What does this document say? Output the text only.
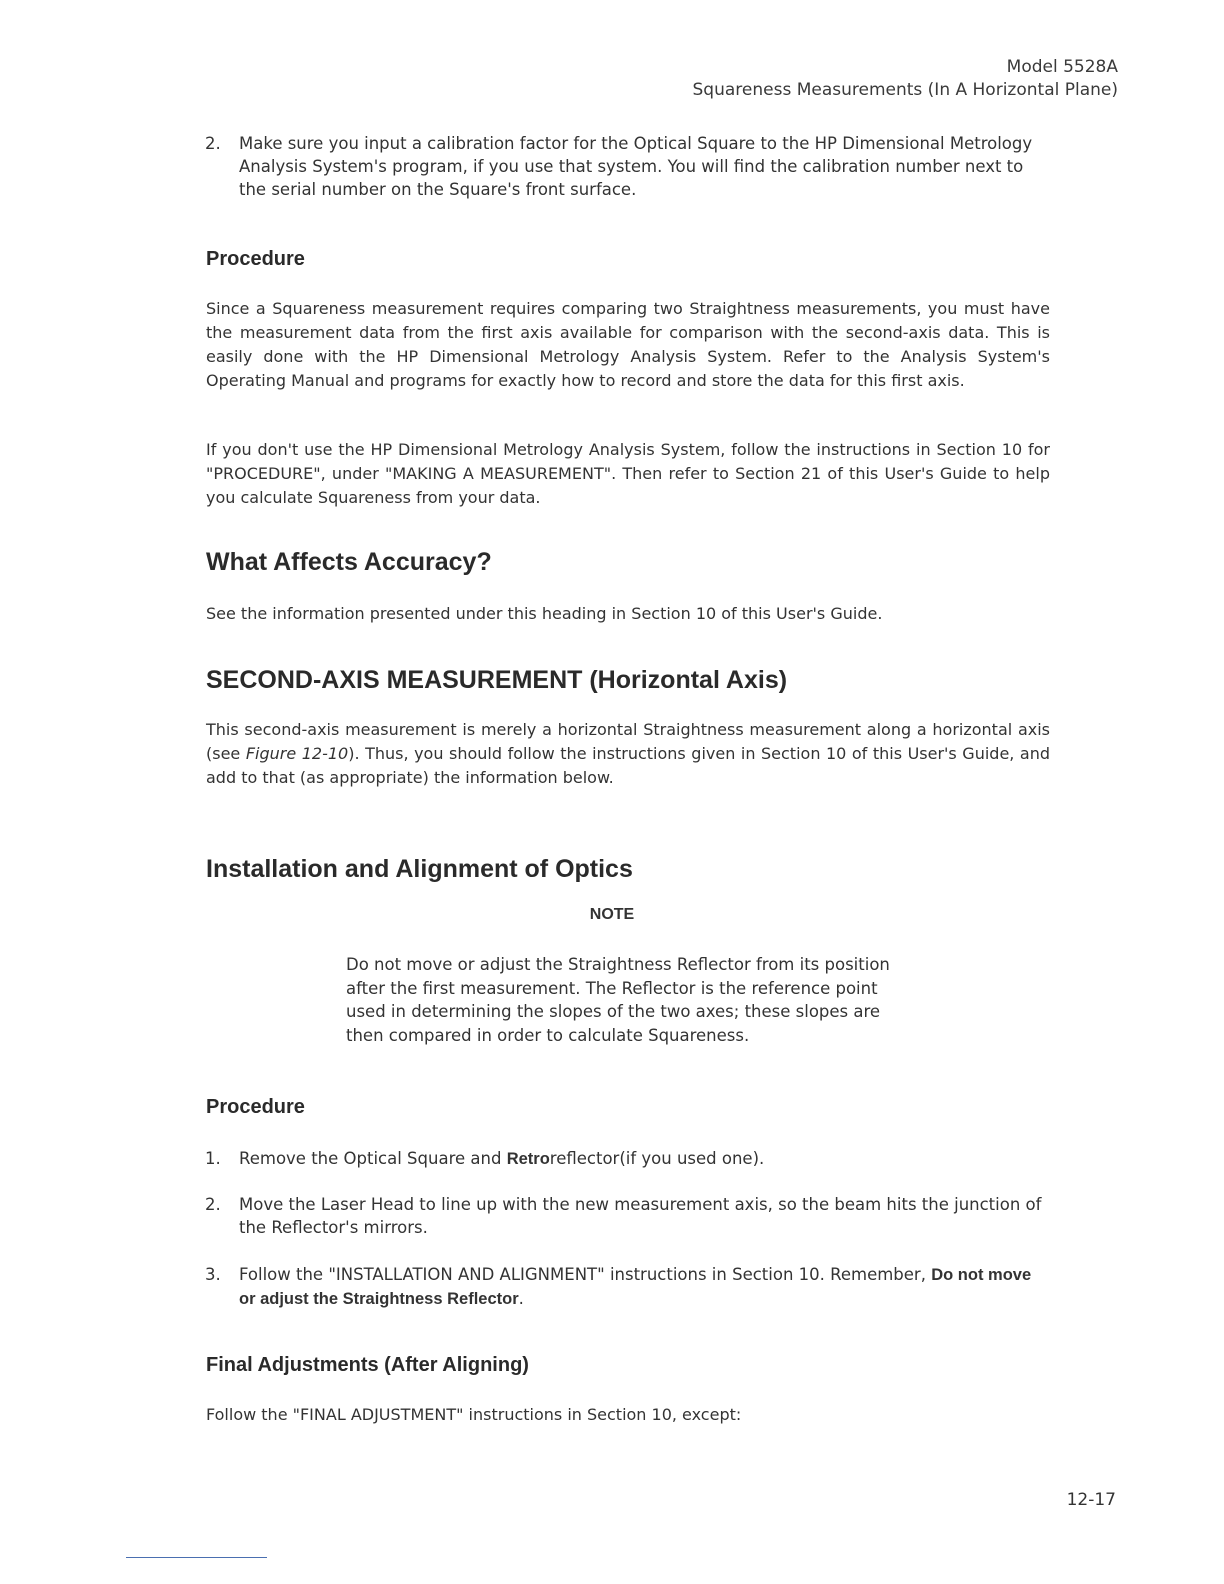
Model 5528A
Squareness Measurements (In A Horizontal Plane)
2. Make sure you input a calibration factor for the Optical Square to the HP Dimensional Metrology Analysis System's program, if you use that system. You will find the calibration number next to the serial number on the Square's front surface.
Procedure
Since a Squareness measurement requires comparing two Straightness measurements, you must have the measurement data from the first axis available for comparison with the second-axis data. This is easily done with the HP Dimensional Metrology Analysis System. Refer to the Analysis System's Operating Manual and programs for exactly how to record and store the data for this first axis.
If you don't use the HP Dimensional Metrology Analysis System, follow the instructions in Section 10 for "PROCEDURE", under "MAKING A MEASUREMENT". Then refer to Section 21 of this User's Guide to help you calculate Squareness from your data.
What Affects Accuracy?
See the information presented under this heading in Section 10 of this User's Guide.
SECOND-AXIS MEASUREMENT (Horizontal Axis)
This second-axis measurement is merely a horizontal Straightness measurement along a horizontal axis (see Figure 12-10). Thus, you should follow the instructions given in Section 10 of this User's Guide, and add to that (as appropriate) the information below.
Installation and Alignment of Optics
NOTE
Do not move or adjust the Straightness Reflector from its position after the first measurement. The Reflector is the reference point used in determining the slopes of the two axes; these slopes are then compared in order to calculate Squareness.
Procedure
1. Remove the Optical Square and Retroreflector(if you used one).
2. Move the Laser Head to line up with the new measurement axis, so the beam hits the junction of the Reflector's mirrors.
3. Follow the "INSTALLATION AND ALIGNMENT" instructions in Section 10. Remember, Do not move or adjust the Straightness Reflector.
Final Adjustments (After Aligning)
Follow the "FINAL ADJUSTMENT" instructions in Section 10, except:
12-17
